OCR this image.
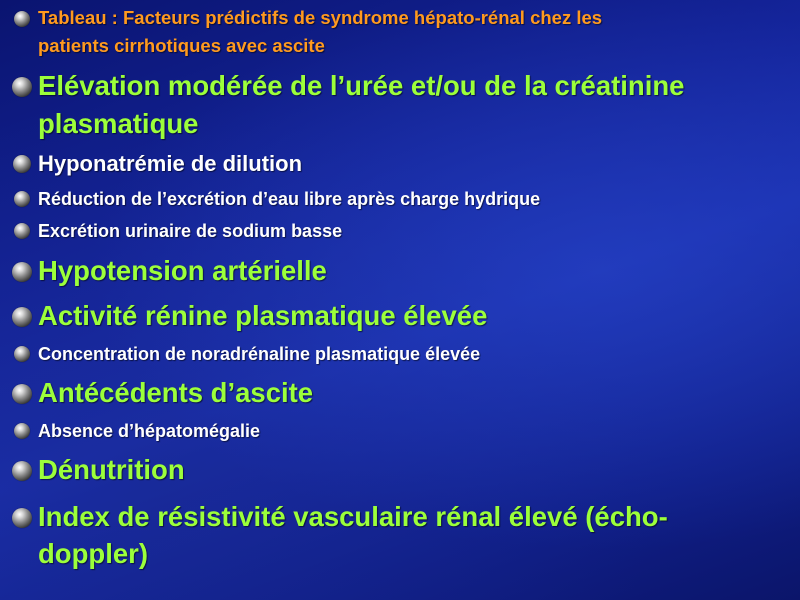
Tableau : Facteurs prédictifs de syndrome hépato-rénal chez les

patients cirrhotiques avec ascite

Elévation modérée de l’urée et/ou de la créatinine

plasmatique

Hyponatrémie de dilution

Réduction de l’excrétion d’eau libre après charge hydrique

Excrétion urinaire de sodium basse

Hypotension artérielle

Activité rénine plasmatique élevée

Concentration de noradrénaline plasmatique élevée

Antécédents d’ascite

Absence d’hépatomégalie

Dénutrition

Index de résistivité vasculaire rénal élevé (écho-

doppler)
